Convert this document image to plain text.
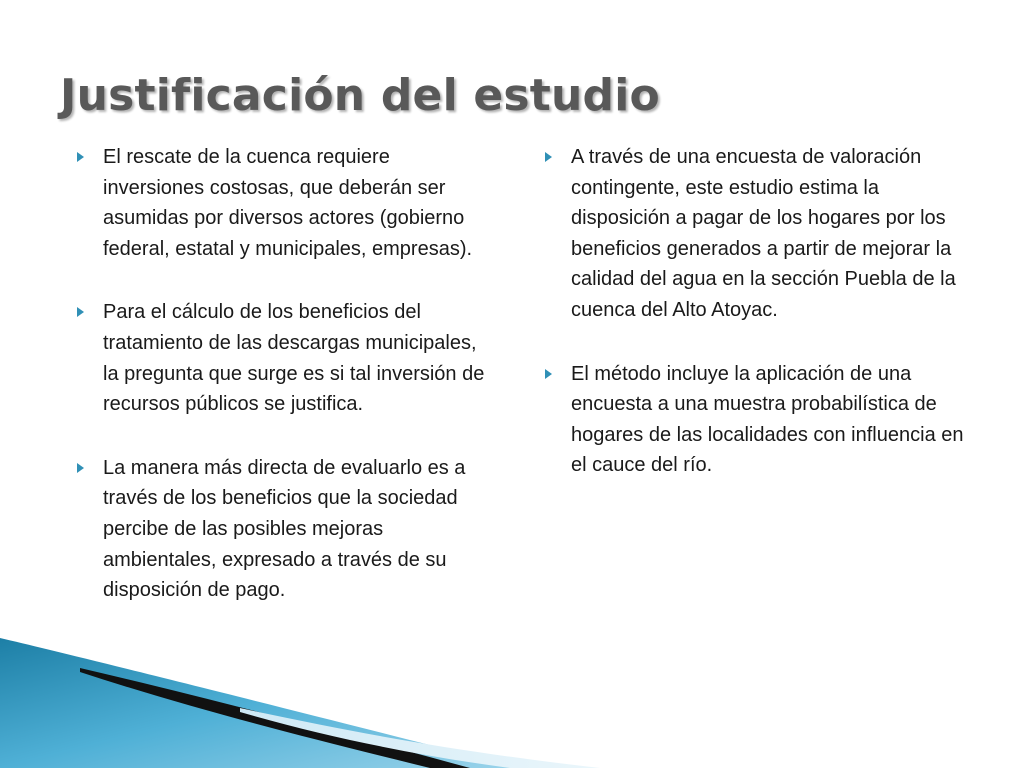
Justificación del estudio
El rescate de la cuenca requiere inversiones costosas, que deberán ser asumidas por diversos actores (gobierno federal, estatal y municipales, empresas).
Para el cálculo de los beneficios del tratamiento de las descargas municipales, la pregunta que surge es si tal inversión de recursos públicos se justifica.
La manera más directa de evaluarlo es a través de los beneficios que la sociedad percibe de las posibles mejoras ambientales, expresado a través de su disposición de pago.
A través de una encuesta de valoración contingente, este estudio estima la disposición a pagar de los hogares por los beneficios generados a partir de mejorar la calidad del agua en la sección Puebla de la cuenca del Alto Atoyac.
El método incluye la aplicación de una encuesta a una muestra probabilística de hogares de las localidades con influencia en el cauce del río.
